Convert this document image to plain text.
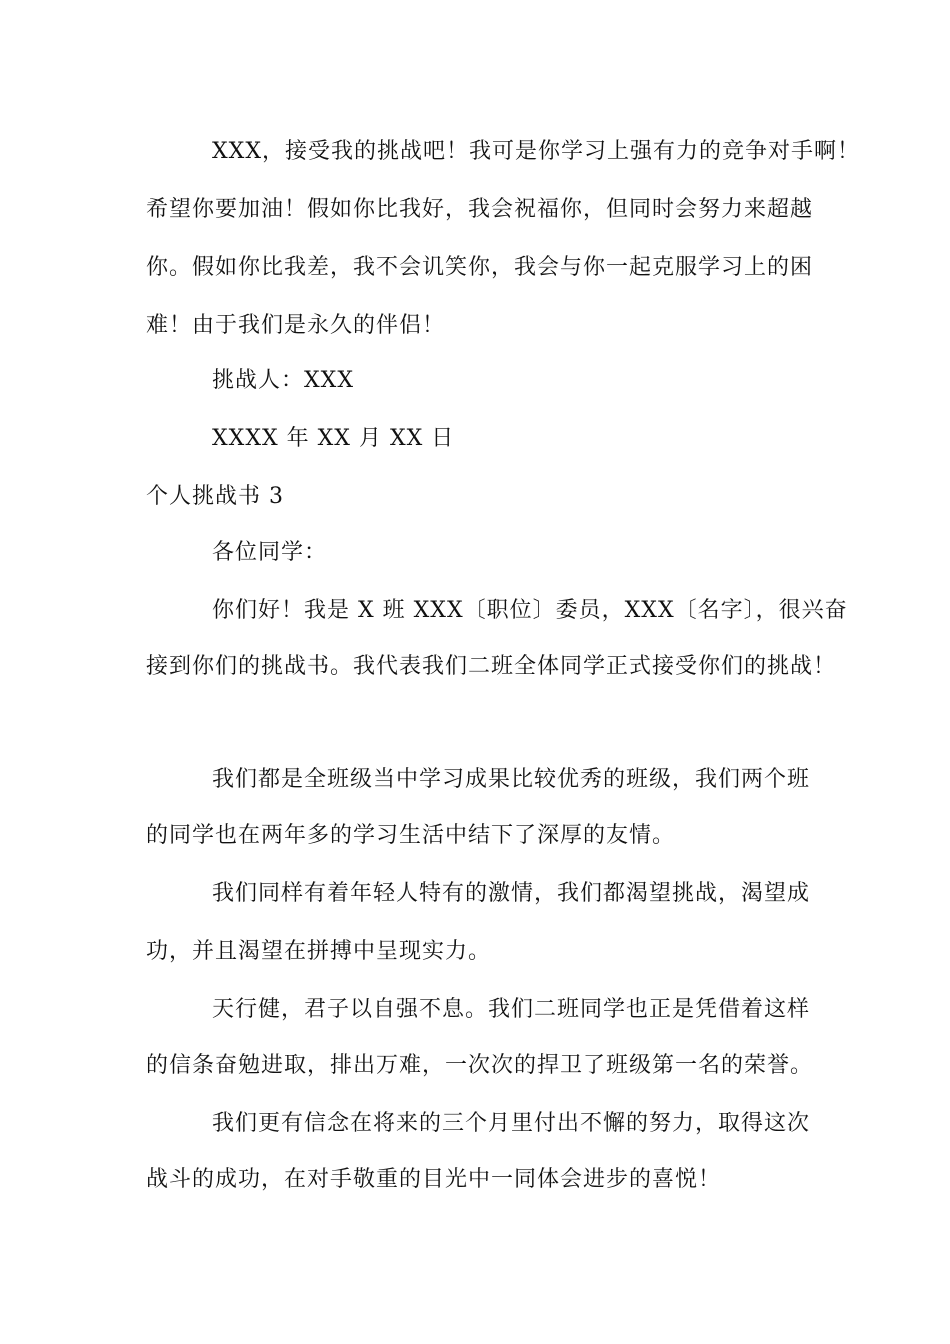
XXX，接受我的挑战吧！我可是你学习上强有力的竞争对手啊！
希望你要加油！假如你比我好，我会祝福你，但同时会努力来超越
你。假如你比我差，我不会讥笑你，我会与你一起克服学习上的困
难！由于我们是永久的伴侣！
挑战人：XXX
XXXX 年 XX 月 XX 日
个人挑战书 3
各位同学：
你们好！我是 X 班 XXX〔职位〕委员，XXX〔名字〕，很兴奋
接到你们的挑战书。我代表我们二班全体同学正式接受你们的挑战！
我们都是全班级当中学习成果比较优秀的班级，我们两个班
的同学也在两年多的学习生活中结下了深厚的友情。
我们同样有着年轻人特有的激情，我们都渴望挑战，渴望成
功，并且渴望在拼搏中呈现实力。
天行健，君子以自强不息。我们二班同学也正是凭借着这样
的信条奋勉进取，排出万难，一次次的捍卫了班级第一名的荣誉。
我们更有信念在将来的三个月里付出不懈的努力，取得这次
战斗的成功，在对手敬重的目光中一同体会进步的喜悦！
